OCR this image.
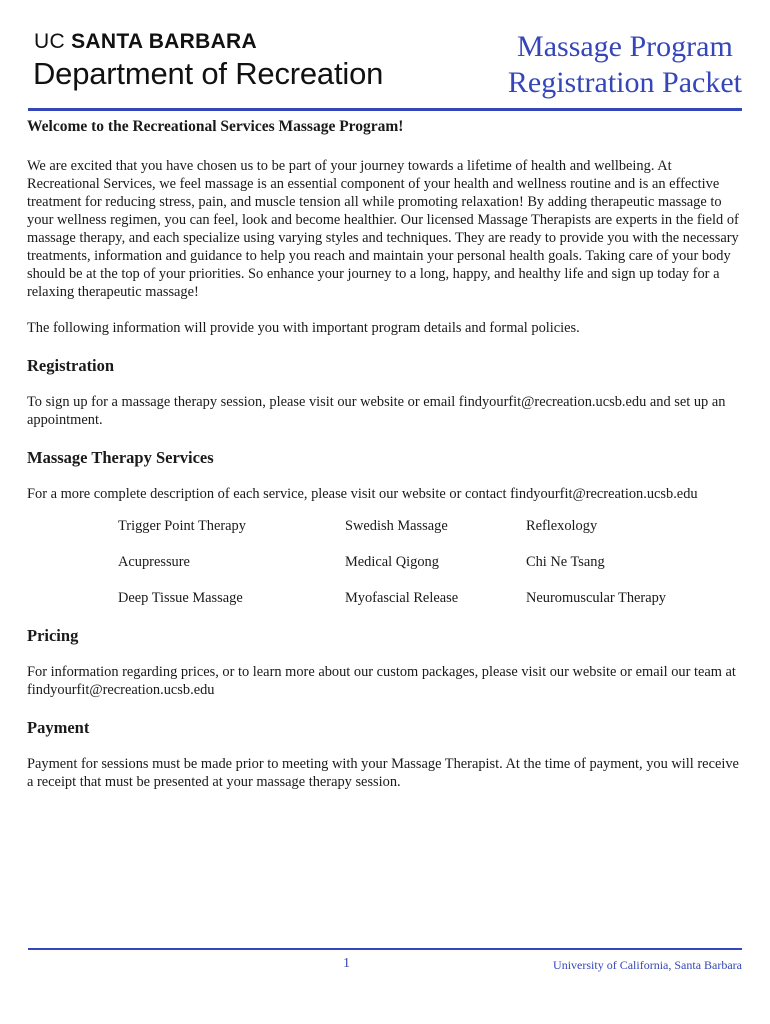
UC SANTA BARBARA
Department of Recreation
Massage Program
Registration Packet

Welcome to the Recreational Services Massage Program!

We are excited that you have chosen us to be part of your journey towards a lifetime of health and wellbeing. At Recreational Services, we feel massage is an essential component of your health and wellness routine and is an effective treatment for reducing stress, pain, and muscle tension all while promoting relaxation! By adding therapeutic massage to your wellness regimen, you can feel, look and become healthier. Our licensed Massage Therapists are experts in the field of massage therapy, and each specialize using varying styles and techniques. They are ready to provide you with the necessary treatments, information and guidance to help you reach and maintain your personal health goals. Taking care of your body should be at the top of your priorities. So enhance your journey to a long, happy, and healthy life and sign up today for a relaxing therapeutic massage!

The following information will provide you with important program details and formal policies.

Registration

To sign up for a massage therapy session, please visit our website or email findyourfit@recreation.ucsb.edu and set up an appointment.

Massage Therapy Services

For a more complete description of each service, please visit our website or contact findyourfit@recreation.ucsb.edu

Trigger Point Therapy	Swedish Massage	Reflexology
Acupressure	Medical Qigong	Chi Ne Tsang
Deep Tissue Massage	Myofascial Release	Neuromuscular Therapy
Pricing

For information regarding prices, or to learn more about our custom packages, please visit our website or email our team at findyourfit@recreation.ucsb.edu

Payment

Payment for sessions must be made prior to meeting with your Massage Therapist. At the time of payment, you will receive a receipt that must be presented at your massage therapy session.

1	University of California, Santa Barbara
